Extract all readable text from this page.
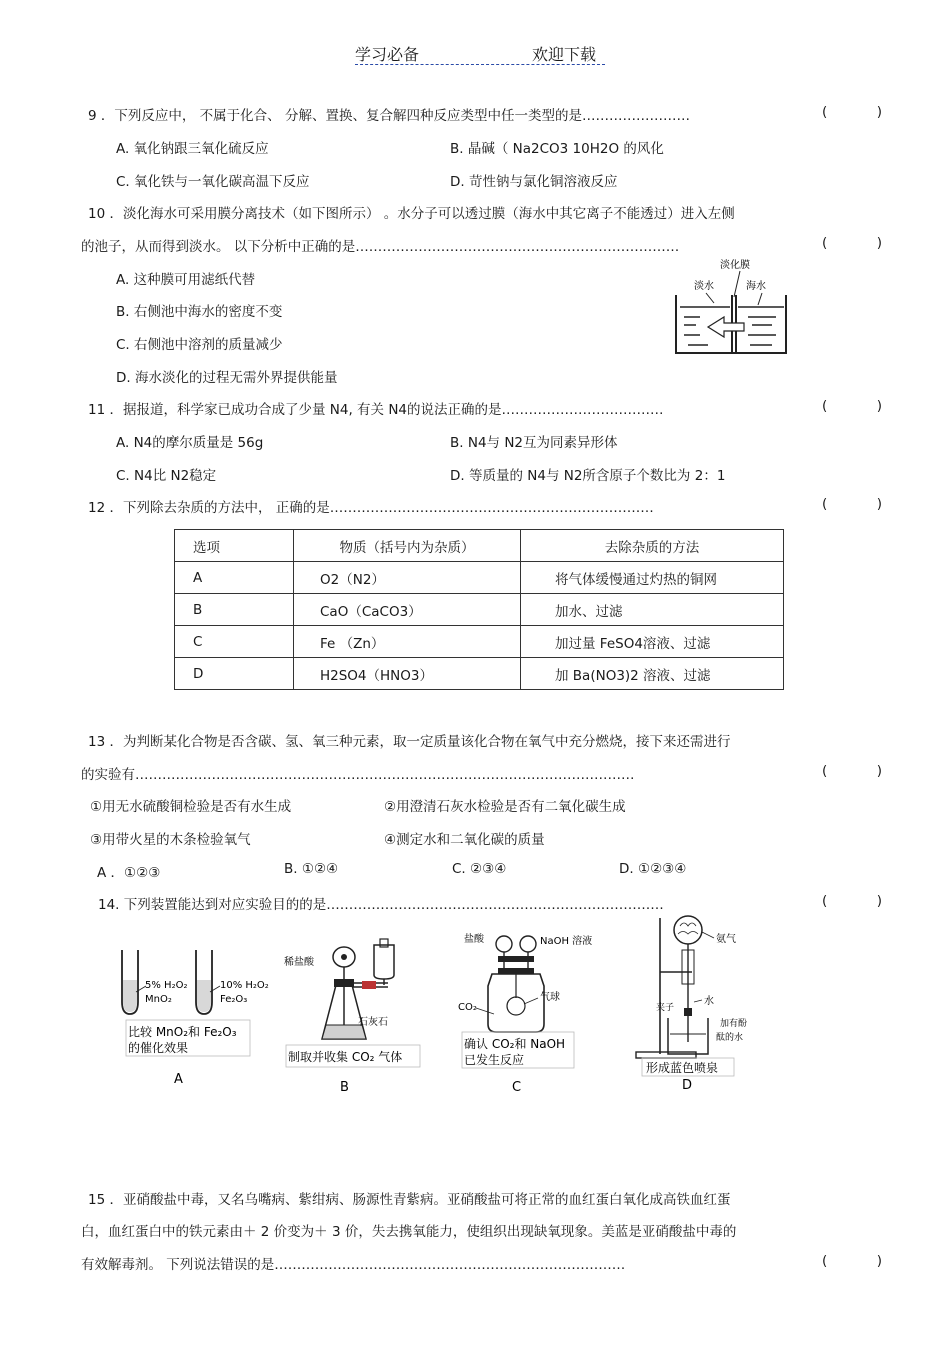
学习必备	欢迎下载
9 ．下列反应中， 不属于化合、 分解、置换、复合解四种反应类型中任一类型的是……………………	(	)
A. 氧化钠跟三氧化硫反应	B. 晶碱（ Na2CO3 10H2O 的风化
C. 氧化铁与一氧化碳高温下反应	D. 苛性钠与氯化铜溶液反应
10 ．淡化海水可采用膜分离技术（如下图所示） 。水分子可以透过膜（海水中其它离子不能透过）进入左侧
的池子，从而得到淡水。 以下分析中正确的是………………………………………………………………	(	)
A. 这种膜可用滤纸代替
B. 右侧池中海水的密度不变
C. 右侧池中溶剂的质量减少
D. 海水淡化的过程无需外界提供能量
淡化膜
淡水	海水
11 ．据报道，科学家已成功合成了少量 N4, 有关 N4的说法正确的是………………………………	(	)
A. N4的摩尔质量是 56g	B. N4与 N2互为同素异形体
C. N4比 N2稳定	D. 等质量的 N4与 N2所含原子个数比为 2：1
12 ．下列除去杂质的方法中， 正确的是………………………………………………………………	(	)
选项	物质（括号内为杂质）	去除杂质的方法
A	O2（N2）	将气体缓慢通过灼热的铜网
B	CaO（CaCO3）	加水、过滤
C	Fe （Zn）	加过量 FeSO4溶液、过滤
D	H2SO4（HNO3）	加 Ba(NO3)2 溶液、过滤
13 ．为判断某化合物是否含碳、氢、氧三种元素，取一定质量该化合物在氧气中充分燃烧，接下来还需进行
的实验有…………………………………………………………………………………………………	(	)
①用无水硫酸铜检验是否有水生成	②用澄清石灰水检验是否有二氧化碳生成
③用带火星的木条检验氧气	④测定水和二氧化碳的质量
A ．①②③	B. ①②④	C. ②③④	D. ①②③④
14. 下列装置能达到对应实验目的的是…………………………………………………………………	(	)
5% H₂O₂
MnO₂
10% H₂O₂
Fe₂O₃
比较 MnO₂和 Fe₂O₃
的催化效果
A
稀盐酸
石灰石
制取并收集 CO₂ 气体
B
盐酸	NaOH 溶液
CO₂
气球
确认 CO₂和 NaOH
已发生反应
C
氨气
夹子
水
加有酚
酞的水
形成蓝色喷泉
D
15 ．亚硝酸盐中毒，又名乌嘴病、紫绀病、肠源性青紫病。亚硝酸盐可将正常的血红蛋白氧化成高铁血红蛋
白，血红蛋白中的铁元素由＋ 2 价变为＋ 3 价，失去携氧能力，使组织出现缺氧现象。美蓝是亚硝酸盐中毒的
有效解毒剂。 下列说法错误的是……………………………………………………………………	(	)
